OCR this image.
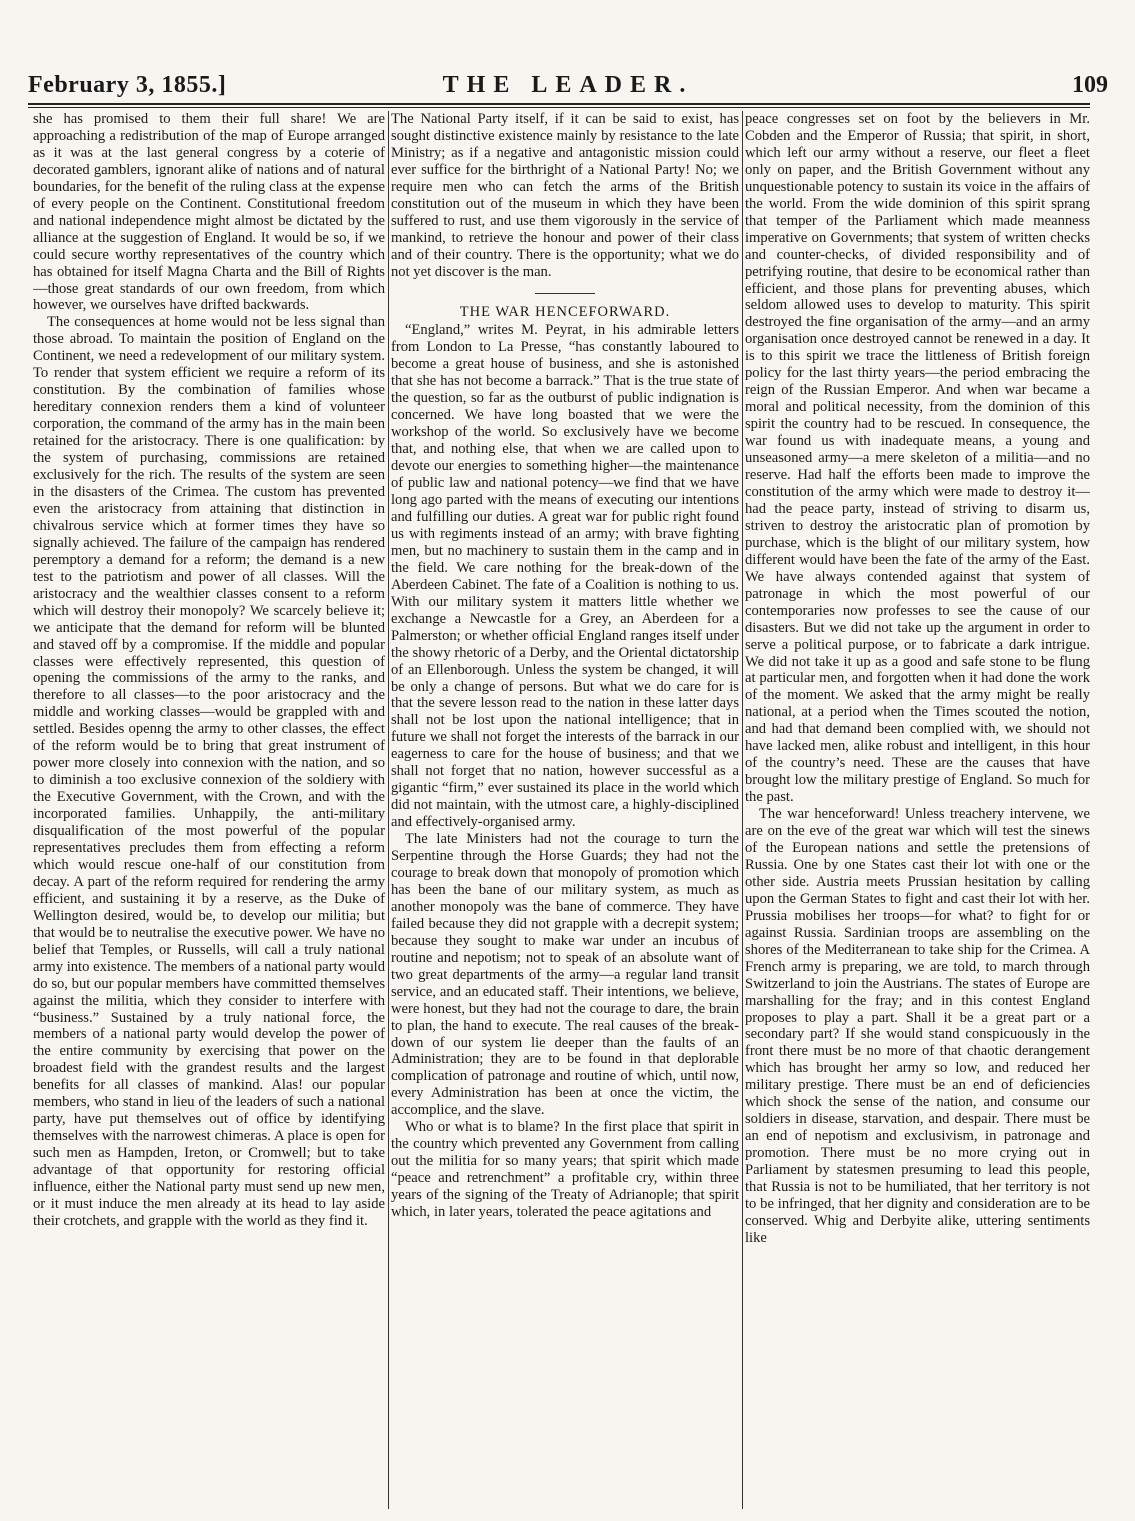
THE LEADER.
February 3, 1855.]	109

she has promised to them their full share! We are approaching a redistribution of the map of Europe arranged as it was at the last general congress by a coterie of decorated gamblers, ignorant alike of nations and of natural boundaries, for the benefit of the ruling class at the expense of every people on the Continent. Constitutional freedom and national independence might almost be dictated by the alliance at the suggestion of England. It would be so, if we could secure worthy representatives of the country which has obtained for itself Magna Charta and the Bill of Rights—those great standards of our own freedom, from which however, we ourselves have drifted backwards.

The consequences at home would not be less signal than those abroad. To maintain the position of England on the Continent, we need a redevelopment of our military system. To render that system efficient we require a reform of its constitution. By the combination of families whose hereditary connexion renders them a kind of volunteer corporation, the command of the army has in the main been retained for the aristocracy. There is one qualification: by the system of purchasing, commissions are retained exclusively for the rich. The results of the system are seen in the disasters of the Crimea. The custom has prevented even the aristocracy from attaining that distinction in chivalrous service which at former times they have so signally achieved. The failure of the campaign has rendered peremptory a demand for a reform; the demand is a new test to the patriotism and power of all classes. Will the aristocracy and the wealthier classes consent to a reform which will destroy their monopoly? We scarcely believe it; we anticipate that the demand for reform will be blunted and staved off by a compromise. If the middle and popular classes were effectively represented, this question of opening the commissions of the army to the ranks, and therefore to all classes—to the poor aristocracy and the middle and working classes—would be grappled with and settled. Besides openng the army to other classes, the effect of the reform would be to bring that great instrument of power more closely into connexion with the nation, and so to diminish a too exclusive connexion of the soldiery with the Executive Government, with the Crown, and with the incorporated families. Unhappily, the anti-military disqualification of the most powerful of the popular representatives precludes them from effecting a reform which would rescue one-half of our constitution from decay. A part of the reform required for rendering the army efficient, and sustaining it by a reserve, as the Duke of Wellington desired, would be, to develop our militia; but that would be to neutralise the executive power. We have no belief that Temples, or Russells, will call a truly national army into existence. The members of a national party would do so, but our popular members have committed themselves against the militia, which they consider to interfere with “business.” Sustained by a truly national force, the members of a national party would develop the power of the entire community by exercising that power on the broadest field with the grandest results and the largest benefits for all classes of mankind. Alas! our popular members, who stand in lieu of the leaders of such a national party, have put themselves out of office by identifying themselves with the narrowest chimeras. A place is open for such men as Hampden, Ireton, or Cromwell; but to take advantage of that opportunity for restoring official influence, either the National party must send up new men, or it must induce the men already at its head to lay aside their crotchets, and grapple with the world as they find it.

The National Party itself, if it can be said to exist, has sought distinctive existence mainly by resistance to the late Ministry; as if a negative and antagonistic mission could ever suffice for the birthright of a National Party! No; we require men who can fetch the arms of the British constitution out of the museum in which they have been suffered to rust, and use them vigorously in the service of mankind, to retrieve the honour and power of their class and of their country. There is the opportunity; what we do not yet discover is the man.

THE WAR HENCEFORWARD.

“England,” writes M. Peyrat, in his admirable letters from London to La Presse, “has constantly laboured to become a great house of business, and she is astonished that she has not become a barrack.” That is the true state of the question, so far as the outburst of public indignation is concerned. We have long boasted that we were the workshop of the world. So exclusively have we become that, and nothing else, that when we are called upon to devote our energies to something higher—the maintenance of public law and national potency—we find that we have long ago parted with the means of executing our intentions and fulfilling our duties. A great war for public right found us with regiments instead of an army; with brave fighting men, but no machinery to sustain them in the camp and in the field. We care nothing for the break-down of the Aberdeen Cabinet. The fate of a Coalition is nothing to us. With our military system it matters little whether we exchange a Newcastle for a Grey, an Aberdeen for a Palmerston; or whether official England ranges itself under the showy rhetoric of a Derby, and the Oriental dictatorship of an Ellenborough. Unless the system be changed, it will be only a change of persons. But what we do care for is that the severe lesson read to the nation in these latter days shall not be lost upon the national intelligence; that in future we shall not forget the interests of the barrack in our eagerness to care for the house of business; and that we shall not forget that no nation, however successful as a gigantic “firm,” ever sustained its place in the world which did not maintain, with the utmost care, a highly-disciplined and effectively-organised army.

The late Ministers had not the courage to turn the Serpentine through the Horse Guards; they had not the courage to break down that monopoly of promotion which has been the bane of our military system, as much as another monopoly was the bane of commerce. They have failed because they did not grapple with a decrepit system; because they sought to make war under an incubus of routine and nepotism; not to speak of an absolute want of two great departments of the army—a regular land transit service, and an educated staff. Their intentions, we believe, were honest, but they had not the courage to dare, the brain to plan, the hand to execute. The real causes of the break-down of our system lie deeper than the faults of an Administration; they are to be found in that deplorable complication of patronage and routine of which, until now, every Administration has been at once the victim, the accomplice, and the slave.

Who or what is to blame? In the first place that spirit in the country which prevented any Government from calling out the militia for so many years; that spirit which made “peace and retrenchment” a profitable cry, within three years of the signing of the Treaty of Adrianople; that spirit which, in later years, tolerated the peace agitations and

peace congresses set on foot by the believers in Mr. Cobden and the Emperor of Russia; that spirit, in short, which left our army without a reserve, our fleet a fleet only on paper, and the British Government without any unquestionable potency to sustain its voice in the affairs of the world. From the wide dominion of this spirit sprang that temper of the Parliament which made meanness imperative on Governments; that system of written checks and counter-checks, of divided responsibility and of petrifying routine, that desire to be economical rather than efficient, and those plans for preventing abuses, which seldom allowed uses to develop to maturity. This spirit destroyed the fine organisation of the army—and an army organisation once destroyed cannot be renewed in a day. It is to this spirit we trace the littleness of British foreign policy for the last thirty years—the period embracing the reign of the Russian Emperor. And when war became a moral and political necessity, from the dominion of this spirit the country had to be rescued. In consequence, the war found us with inadequate means, a young and unseasoned army—a mere skeleton of a militia—and no reserve. Had half the efforts been made to improve the constitution of the army which were made to destroy it—had the peace party, instead of striving to disarm us, striven to destroy the aristocratic plan of promotion by purchase, which is the blight of our military system, how different would have been the fate of the army of the East. We have always contended against that system of patronage in which the most powerful of our contemporaries now professes to see the cause of our disasters. But we did not take up the argument in order to serve a political purpose, or to fabricate a dark intrigue. We did not take it up as a good and safe stone to be flung at particular men, and forgotten when it had done the work of the moment. We asked that the army might be really national, at a period when the Times scouted the notion, and had that demand been complied with, we should not have lacked men, alike robust and intelligent, in this hour of the country’s need. These are the causes that have brought low the military prestige of England. So much for the past.

The war henceforward! Unless treachery intervene, we are on the eve of the great war which will test the sinews of the European nations and settle the pretensions of Russia. One by one States cast their lot with one or the other side. Austria meets Prussian hesitation by calling upon the German States to fight and cast their lot with her. Prussia mobilises her troops—for what? to fight for or against Russia. Sardinian troops are assembling on the shores of the Mediterranean to take ship for the Crimea. A French army is preparing, we are told, to march through Switzerland to join the Austrians. The states of Europe are marshalling for the fray; and in this contest England proposes to play a part. Shall it be a great part or a secondary part? If she would stand conspicuously in the front there must be no more of that chaotic derangement which has brought her army so low, and reduced her military prestige. There must be an end of deficiencies which shock the sense of the nation, and consume our soldiers in disease, starvation, and despair. There must be an end of nepotism and exclusivism, in patronage and promotion. There must be no more crying out in Parliament by statesmen presuming to lead this people, that Russia is not to be humiliated, that her territory is not to be infringed, that her dignity and consideration are to be conserved. Whig and Derbyite alike, uttering sentiments like
